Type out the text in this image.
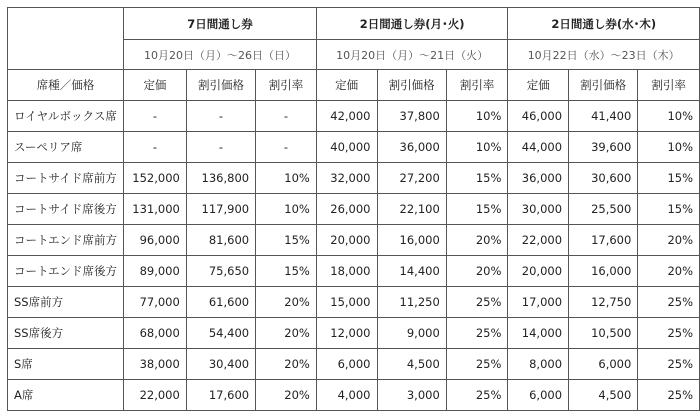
	7日間通し券			2日間通し券(月･火)			2日間通し券(水･木)		
	10月20日（月）～26日（日）			10月20日（月）～21日（火）			10月22日（水）～23日（木）		
席種／価格	定価	割引価格	割引率	定価	割引価格	割引率	定価	割引価格	割引率
ロイヤルボックス席	-	-	-	42,000	37,800	10%	46,000	41,400	10%
スーペリア席	-	-	-	40,000	36,000	10%	44,000	39,600	10%
コートサイド席前方	152,000	136,800	10%	32,000	27,200	15%	36,000	30,600	15%
コートサイド席後方	131,000	117,900	10%	26,000	22,100	15%	30,000	25,500	15%
コートエンド席前方	96,000	81,600	15%	20,000	16,000	20%	22,000	17,600	20%
コートエンド席後方	89,000	75,650	15%	18,000	14,400	20%	20,000	16,000	20%
SS席前方	77,000	61,600	20%	15,000	11,250	25%	17,000	12,750	25%
SS席後方	68,000	54,400	20%	12,000	9,000	25%	14,000	10,500	25%
S席	38,000	30,400	20%	6,000	4,500	25%	8,000	6,000	25%
A席	22,000	17,600	20%	4,000	3,000	25%	6,000	4,500	25%
